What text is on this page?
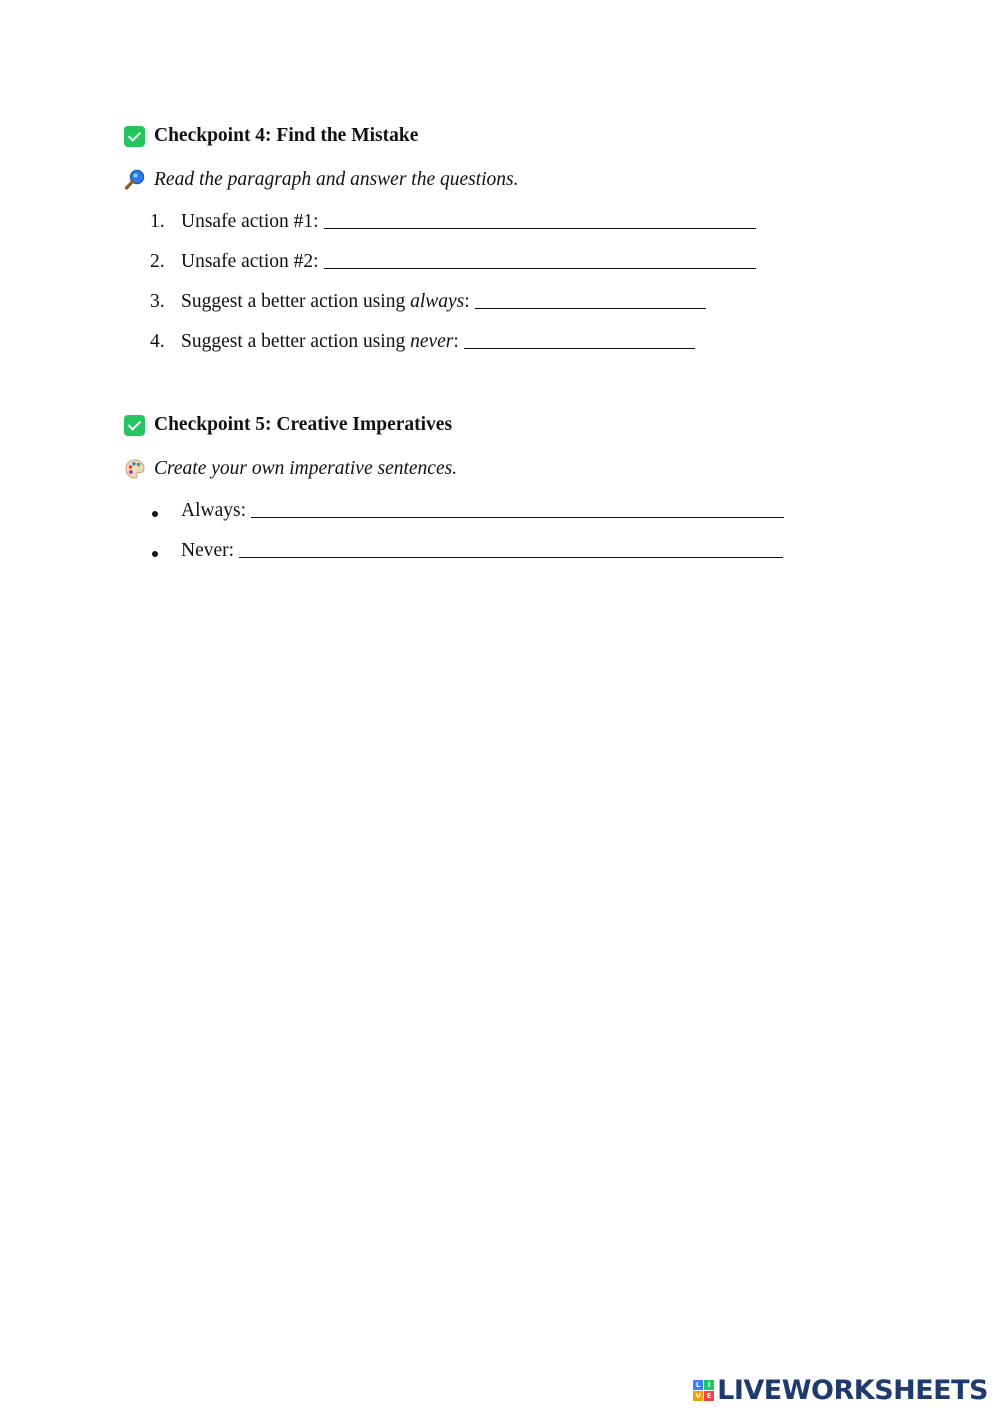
Checkpoint 4: Find the Mistake
Read the paragraph and answer the questions.
1. Unsafe action #1:
2. Unsafe action #2:
3. Suggest a better action using always :
4. Suggest a better action using never :
Checkpoint 5: Creative Imperatives
Create your own imperative sentences.
Always:
Never:
L	I
V E LIVEWORKSHEETS
